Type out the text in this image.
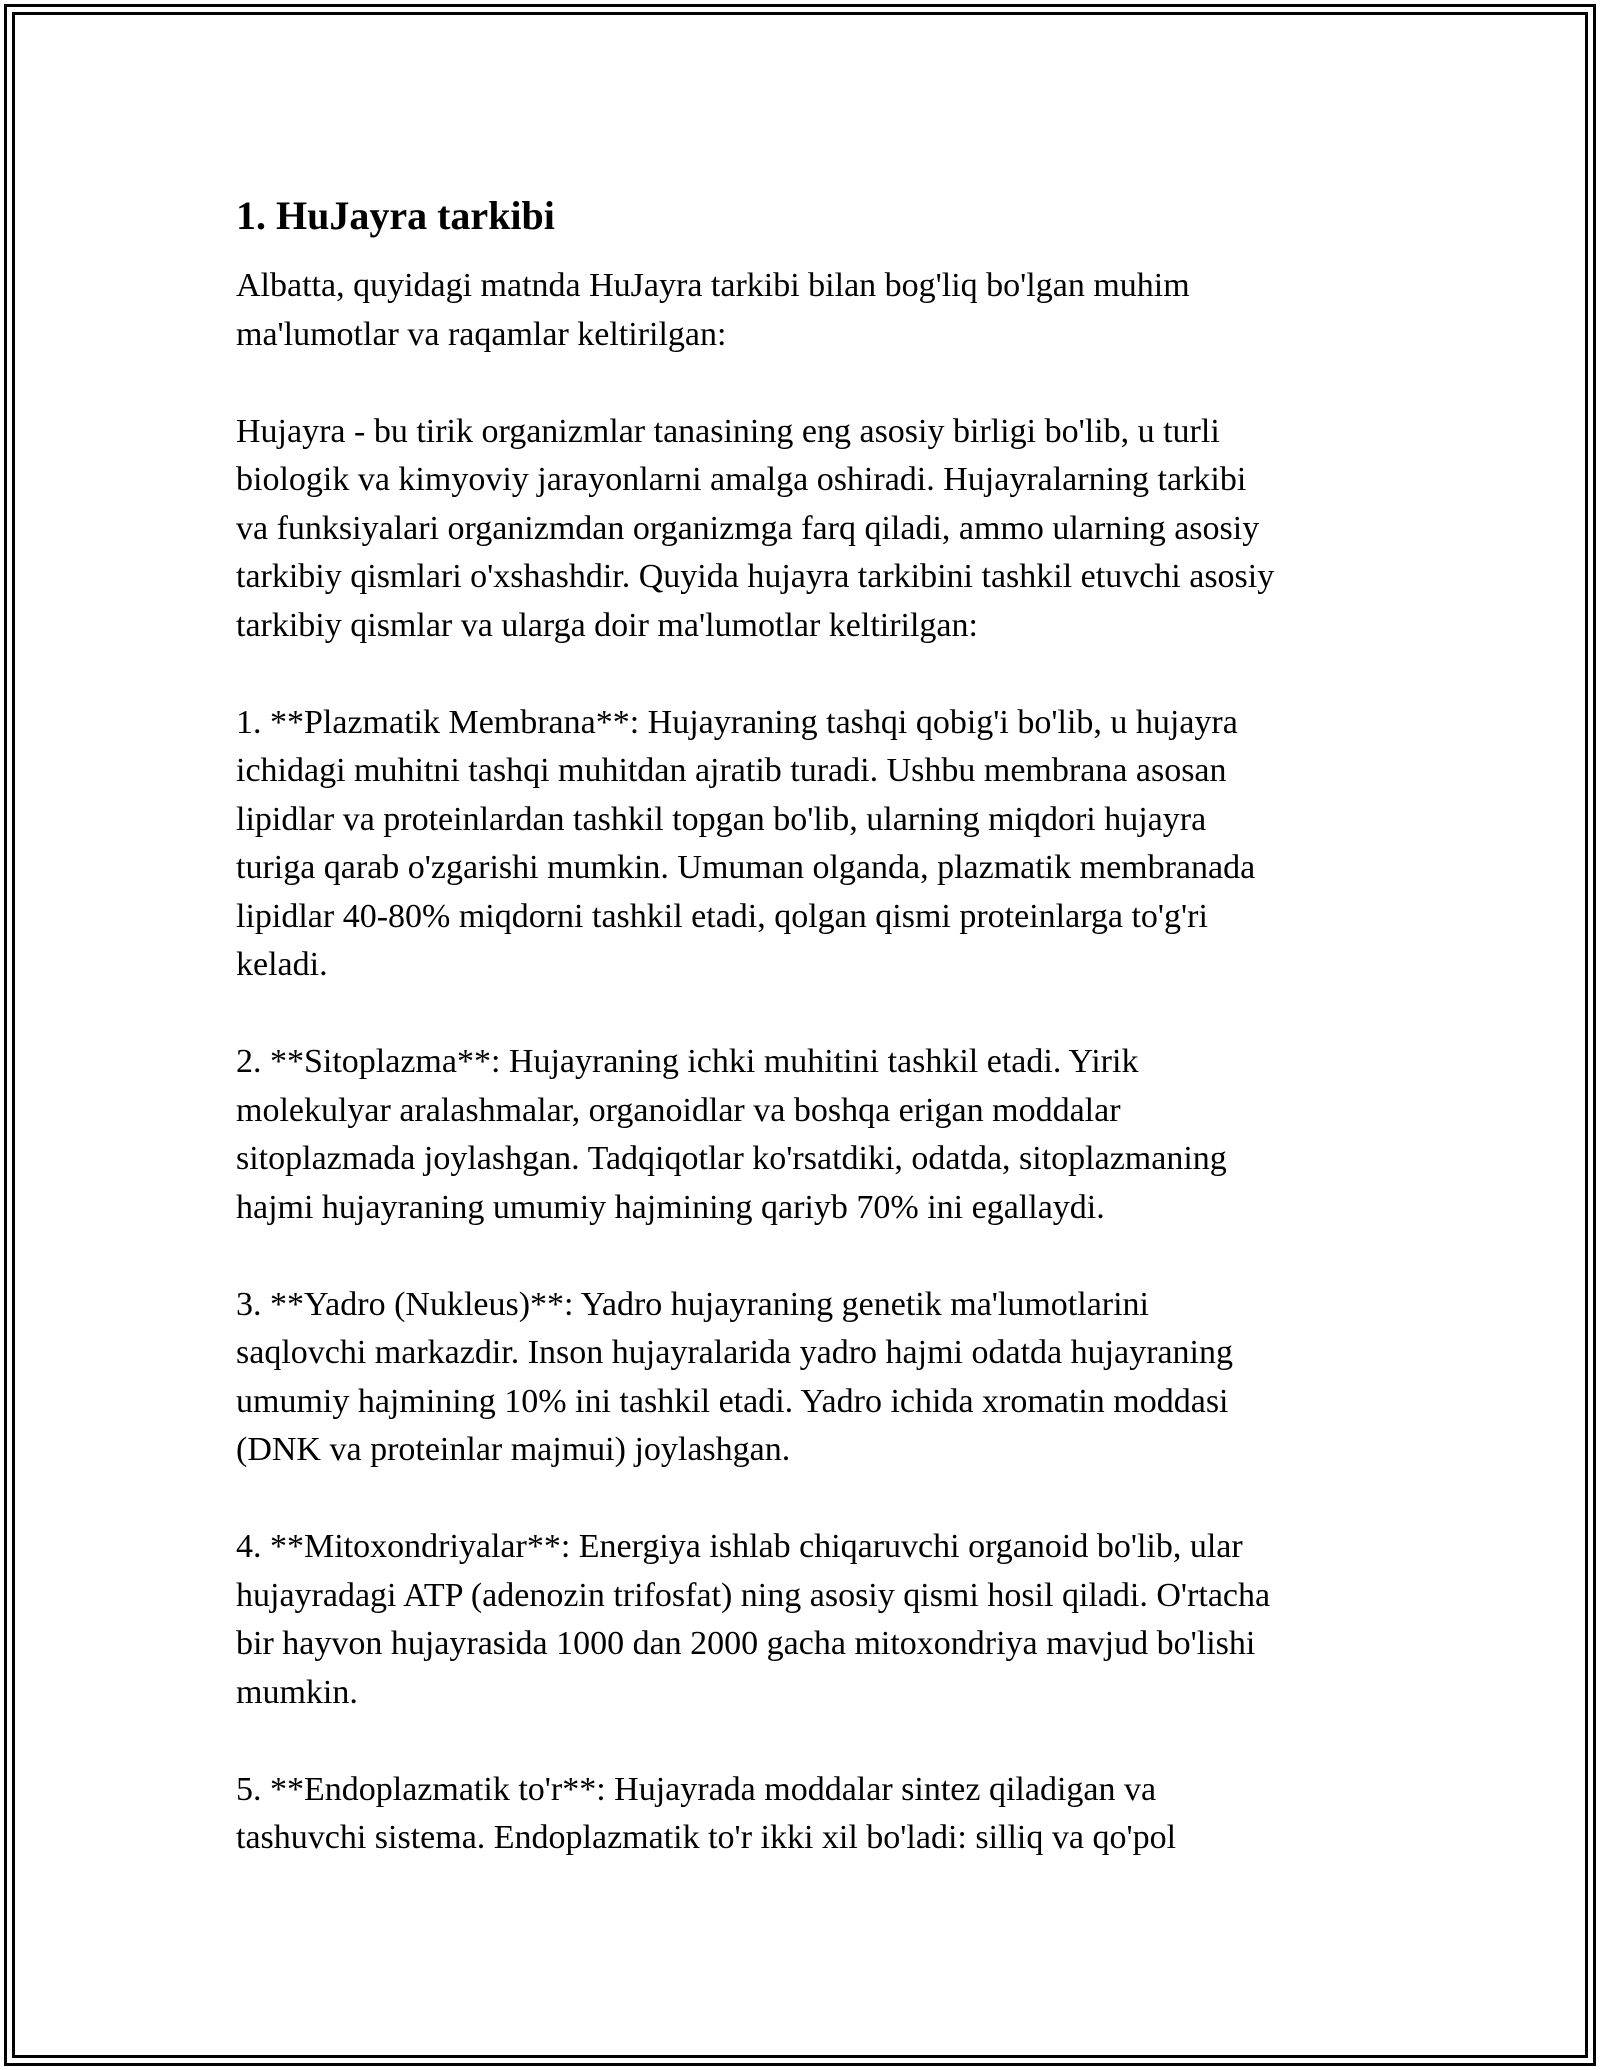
1. HuJayra tarkibi
Albatta, quyidagi matnda HuJayra tarkibi bilan bog'liq bo'lgan muhim
ma'lumotlar va raqamlar keltirilgan:
Hujayra - bu tirik organizmlar tanasining eng asosiy birligi bo'lib, u turli
biologik va kimyoviy jarayonlarni amalga oshiradi. Hujayralarning tarkibi
va funksiyalari organizmdan organizmga farq qiladi, ammo ularning asosiy
tarkibiy qismlari o'xshashdir. Quyida hujayra tarkibini tashkil etuvchi asosiy
tarkibiy qismlar va ularga doir ma'lumotlar keltirilgan:
1. **Plazmatik Membrana**: Hujayraning tashqi qobig'i bo'lib, u hujayra
ichidagi muhitni tashqi muhitdan ajratib turadi. Ushbu membrana asosan
lipidlar va proteinlardan tashkil topgan bo'lib, ularning miqdori hujayra
turiga qarab o'zgarishi mumkin. Umuman olganda, plazmatik membranada
lipidlar 40-80% miqdorni tashkil etadi, qolgan qismi proteinlarga to'g'ri
keladi.
2. **Sitoplazma**: Hujayraning ichki muhitini tashkil etadi. Yirik
molekulyar aralashmalar, organoidlar va boshqa erigan moddalar
sitoplazmada joylashgan. Tadqiqotlar ko'rsatdiki, odatda, sitoplazmaning
hajmi hujayraning umumiy hajmining qariyb 70% ini egallaydi.
3. **Yadro (Nukleus)**: Yadro hujayraning genetik ma'lumotlarini
saqlovchi markazdir. Inson hujayralarida yadro hajmi odatda hujayraning
umumiy hajmining 10% ini tashkil etadi. Yadro ichida xromatin moddasi
(DNK va proteinlar majmui) joylashgan.
4. **Mitoxondriyalar**: Energiya ishlab chiqaruvchi organoid bo'lib, ular
hujayradagi ATP (adenozin trifosfat) ning asosiy qismi hosil qiladi. O'rtacha
bir hayvon hujayrasida 1000 dan 2000 gacha mitoxondriya mavjud bo'lishi
mumkin.
5. **Endoplazmatik to'r**: Hujayrada moddalar sintez qiladigan va
tashuvchi sistema. Endoplazmatik to'r ikki xil bo'ladi: silliq va qo'pol
